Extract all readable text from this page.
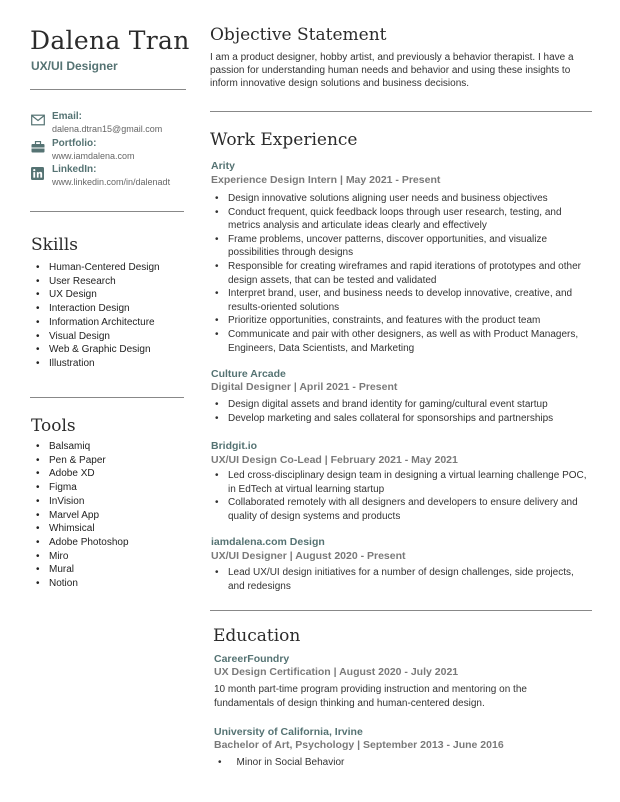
Dalena Tran
UX/UI Designer
Email:
dalena.dtran15@gmail.com
Portfolio:
www.iamdalena.com
LinkedIn:
www.linkedin.com/in/dalenadt
Skills
• Human-Centered Design
• User Research
• UX Design
• Interaction Design
• Information Architecture
• Visual Design
• Web & Graphic Design
• Illustration
Tools
• Balsamiq
• Pen & Paper
• Adobe XD
• Figma
• InVision
• Marvel App
• Whimsical
• Adobe Photoshop
• Miro
• Mural
• Notion
Objective Statement
I am a product designer, hobby artist, and previously a behavior therapist. I have a passion for understanding human needs and behavior and using these insights to inform innovative design solutions and business decisions.
Work Experience
Arity
Experience Design Intern | May 2021 - Present
• Design innovative solutions aligning user needs and business objectives
• Conduct frequent, quick feedback loops through user research, testing, and metrics analysis and articulate ideas clearly and effectively
• Frame problems, uncover patterns, discover opportunities, and visualize possibilities through designs
• Responsible for creating wireframes and rapid iterations of prototypes and other design assets, that can be tested and validated
• Interpret brand, user, and business needs to develop innovative, creative, and results-oriented solutions
• Prioritize opportunities, constraints, and features with the product team
• Communicate and pair with other designers, as well as with Product Managers, Engineers, Data Scientists, and Marketing
Culture Arcade
Digital Designer | April 2021 - Present
• Design digital assets and brand identity for gaming/cultural event startup
• Develop marketing and sales collateral for sponsorships and partnerships
Bridgit.io
UX/UI Design Co-Lead | February 2021 - May 2021
• Led cross-disciplinary design team in designing a virtual learning challenge POC, in EdTech at virtual learning startup
• Collaborated remotely with all designers and developers to ensure delivery and quality of design systems and products
iamdalena.com Design
UX/UI Designer | August 2020 - Present
• Lead UX/UI design initiatives for a number of design challenges, side projects, and redesigns
Education
CareerFoundry
UX Design Certification | August 2020 - July 2021
10 month part-time program providing instruction and mentoring on the fundamentals of design thinking and human-centered design.
University of California, Irvine
Bachelor of Art, Psychology | September 2013 - June 2016
• Minor in Social Behavior
